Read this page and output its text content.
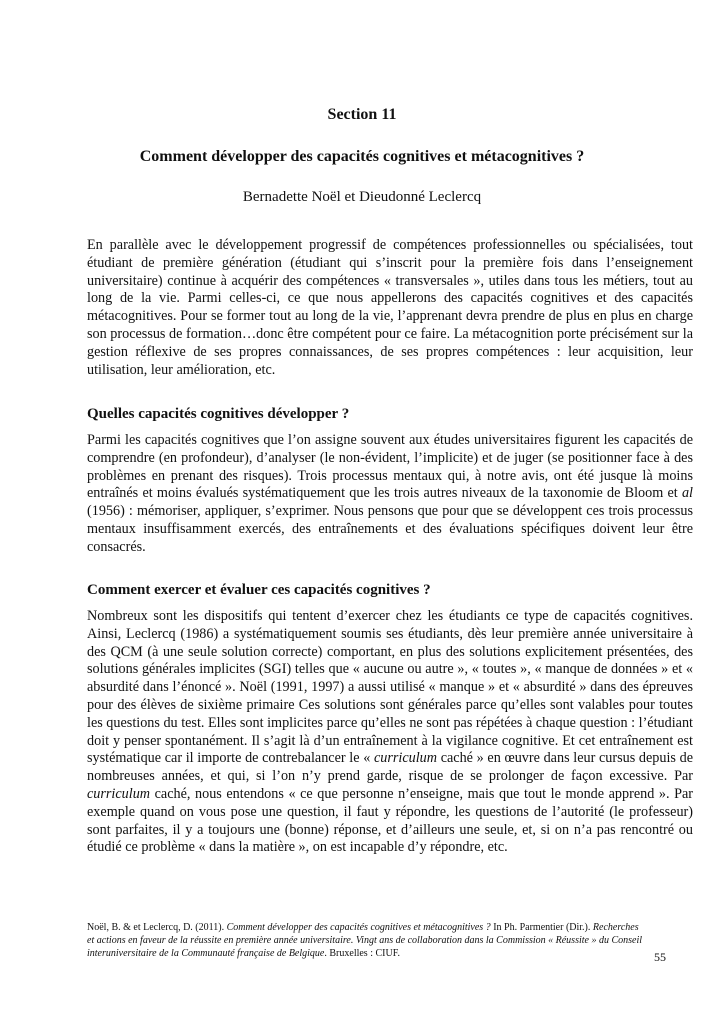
Section 11
Comment développer des capacités cognitives et métacognitives ?
Bernadette Noël et Dieudonné Leclercq

En parallèle avec le développement progressif de compétences professionnelles ou spécialisées, tout étudiant de première génération (étudiant qui s’inscrit pour la première fois dans l’enseignement universitaire) continue à acquérir des compétences « transversales », utiles dans tous les métiers, tout au long de la vie. Parmi celles-ci, ce que nous appellerons des capacités cognitives et des capacités métacognitives. Pour se former tout au long de la vie, l’apprenant devra prendre de plus en plus en charge son processus de formation…donc être compétent pour ce faire. La métacognition porte précisément sur la gestion réflexive de ses propres connaissances, de ses propres compétences : leur acquisition, leur utilisation, leur amélioration, etc.

Quelles capacités cognitives développer ?

Parmi les capacités cognitives que l’on assigne souvent aux études universitaires figurent les capacités de comprendre (en profondeur), d’analyser (le non-évident, l’implicite) et de juger (se positionner face à des problèmes en prenant des risques). Trois processus mentaux qui, à notre avis, ont été jusque là moins entraînés et moins évalués systématiquement que les trois autres niveaux de la taxonomie de Bloom et al (1956) : mémoriser, appliquer, s’exprimer. Nous pensons que pour que se développent ces trois processus mentaux insuffisamment exercés, des entraînements et des évaluations spécifiques doivent leur être consacrés.

Comment exercer et évaluer ces capacités cognitives ?

Nombreux sont les dispositifs qui tentent d’exercer chez les étudiants ce type de capacités cognitives. Ainsi, Leclercq (1986) a systématiquement soumis ses étudiants, dès leur première année universitaire à des QCM (à une seule solution correcte) comportant, en plus des solutions explicitement présentées, des solutions générales implicites (SGI) telles que « aucune ou autre », « toutes », « manque de données » et « absurdité dans l’énoncé ». Noël (1991, 1997) a aussi utilisé « manque » et « absurdité » dans des épreuves pour des élèves de sixième primaire Ces solutions sont générales parce qu’elles sont valables pour toutes les questions du test. Elles sont implicites parce qu’elles ne sont pas répétées à chaque question : l’étudiant doit y penser spontanément. Il s’agit là d’un entraînement à la vigilance cognitive. Et cet entraînement est systématique car il importe de contrebalancer le « curriculum caché » en œuvre dans leur cursus depuis de nombreuses années, et qui, si l’on n’y prend garde, risque de se prolonger de façon excessive. Par curriculum caché, nous entendons « ce que personne n’enseigne, mais que tout le monde apprend ». Par exemple quand on vous pose une question, il faut y répondre, les questions de l’autorité (le professeur) sont parfaites, il y a toujours une (bonne) réponse, et d’ailleurs une seule, et, si on n’a pas rencontré ou étudié ce problème « dans la matière », on est incapable d’y répondre, etc.

Noël, B. & et Leclercq, D. (2011). Comment développer des capacités cognitives et métacognitives ? In Ph. Parmentier (Dir.). Recherches et actions en faveur de la réussite en première année universitaire. Vingt ans de collaboration dans la Commission « Réussite » du Conseil interuniversitaire de la Communauté française de Belgique. Bruxelles : CIUF.	55
